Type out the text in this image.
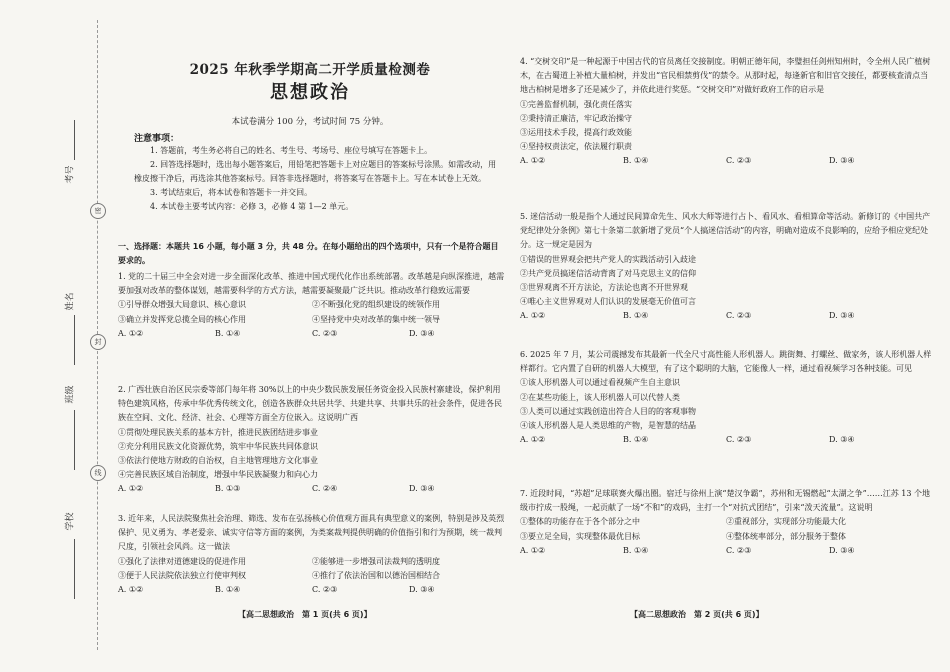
考号
姓名
班级
学校
密
封
线
2025 年秋季学期高二开学质量检测卷
思想政治
本试卷满分 100 分，考试时间 75 分钟。
注意事项：

1. 答题前，考生务必将自己的姓名、考生号、考场号、座位号填写在答题卡上。

2. 回答选择题时，选出每小题答案后，用铅笔把答题卡上对应题目的答案标号涂黑。如需改动，用橡皮擦干净后，再选涂其他答案标号。回答非选择题时，将答案写在答题卡上。写在本试卷上无效。

3. 考试结束后，将本试卷和答题卡一并交回。

4. 本试卷主要考试内容：必修 3，必修 4 第 1—2 单元。

一、选择题：本题共 16 小题，每小题 3 分，共 48 分。在每小题给出的四个选项中，只有一个是符合题目要求的。

1. 党的二十届三中全会对进一步全面深化改革、推进中国式现代化作出系统部署。改革越是向纵深推进，越需要加强对改革的整体谋划，越需要科学的方式方法，越需要凝聚最广泛共识。推动改革行稳致远需要

①引导群众增强大局意识、核心意识	②不断强化党的组织建设的统领作用
③确立并发挥党总揽全局的核心作用	④坚持党中央对改革的集中统一领导
A. ①②	B. ①④	C. ②③	D. ③④

2. 广西壮族自治区民宗委等部门每年将 30%以上的中央少数民族发展任务资金投入民族村寨建设，保护利用特色建筑风格，传承中华优秀传统文化，创造各族群众共居共学、共建共享、共事共乐的社会条件，促进各民族在空间、文化、经济、社会、心理等方面全方位嵌入。这说明广西

①贯彻处理民族关系的基本方针，推进民族团结进步事业

②充分利用民族文化资源优势，筑牢中华民族共同体意识

③依法行使地方财政的自治权，自主地管理地方文化事业

④完善民族区域自治制度，增强中华民族凝聚力和向心力

A. ①②	B. ①③	C. ②④	D. ③④

3. 近年来，人民法院聚焦社会治理、筛选、发布在弘扬核心价值观方面具有典型意义的案例，特别是涉及英烈保护、见义勇为、孝老爱亲、诚实守信等方面的案例，为类案裁判提供明确的价值指引和行为预期，统一裁判尺度，引领社会风尚。这一做法

①强化了法律对道德建设的促进作用	②能够进一步增强司法裁判的透明度
③便于人民法院依法独立行使审判权	④推行了依法治国和以德治国相结合
A. ①②	B. ①④	C. ②③	D. ③④

4. “交树交印”是一种起源于中国古代的官员离任交接制度。明朝正德年间，李璧担任剑州知州时，令全州人民广植树木，在古蜀道上补植大量柏树，并发出“官民相禁剪伐”的禁令。从那时起，每逢新官和旧官交接任，都要核查清点当地古柏树是增多了还是减少了，并依此进行奖惩。“交树交印”对做好政府工作的启示是

①完善监督机制，强化责任落实

②秉持清正廉洁，牢记政治操守

③运用技术手段，提高行政效能

④坚持权责法定，依法履行职责

A. ①②	B. ①④	C. ②③	D. ③④

5. 迷信活动一般是指个人通过民间算命先生、风水大师等进行占卜、看风水、看相算命等活动。新修订的《中国共产党纪律处分条例》第七十条第二款新增了党员“个人搞迷信活动”的内容，明确对造成不良影响的，应给予相应党纪处分。这一规定是因为

①错误的世界观会把共产党人的实践活动引入歧途

②共产党员搞迷信活动背离了对马克思主义的信仰

③世界观离不开方法论，方法论也离不开世界观

④唯心主义世界观对人们认识的发展毫无价值可言

A. ①②	B. ①④	C. ②③	D. ③④

6. 2025 年 7 月，某公司震撼发布其最新一代全尺寸高性能人形机器人。跳街舞、打螺丝、做家务，该人形机器人样样都行。它内置了自研的机器人大模型，有了这个聪明的大脑，它能像人一样，通过看视频学习各种技能。可见

①该人形机器人可以通过看视频产生自主意识

②在某些功能上，该人形机器人可以代替人类

③人类可以通过实践创造出符合人目的的客观事物

④该人形机器人是人类思维的产物，是智慧的结晶

A. ①②	B. ①④	C. ②③	D. ③④

7. 近段时间，“苏超”足球联赛火爆出圈。宿迁与徐州上演“楚汉争霸”，苏州和无锡燃起“太湖之争”……江苏 13 个地级市拧成一股绳，一起贡献了一场“不和”的戏码，主打一个“对抗式团结”，引来“泼天流量”。这说明

①整体的功能存在于各个部分之中	②重视部分，实现部分功能最大化
③要立足全局，实现整体最优目标	④整体统率部分，部分服务于整体
A. ①②	B. ①④	C. ②③	D. ③④
【高二思想政治　第 1 页(共 6 页)】	【高二思想政治　第 2 页(共 6 页)】
